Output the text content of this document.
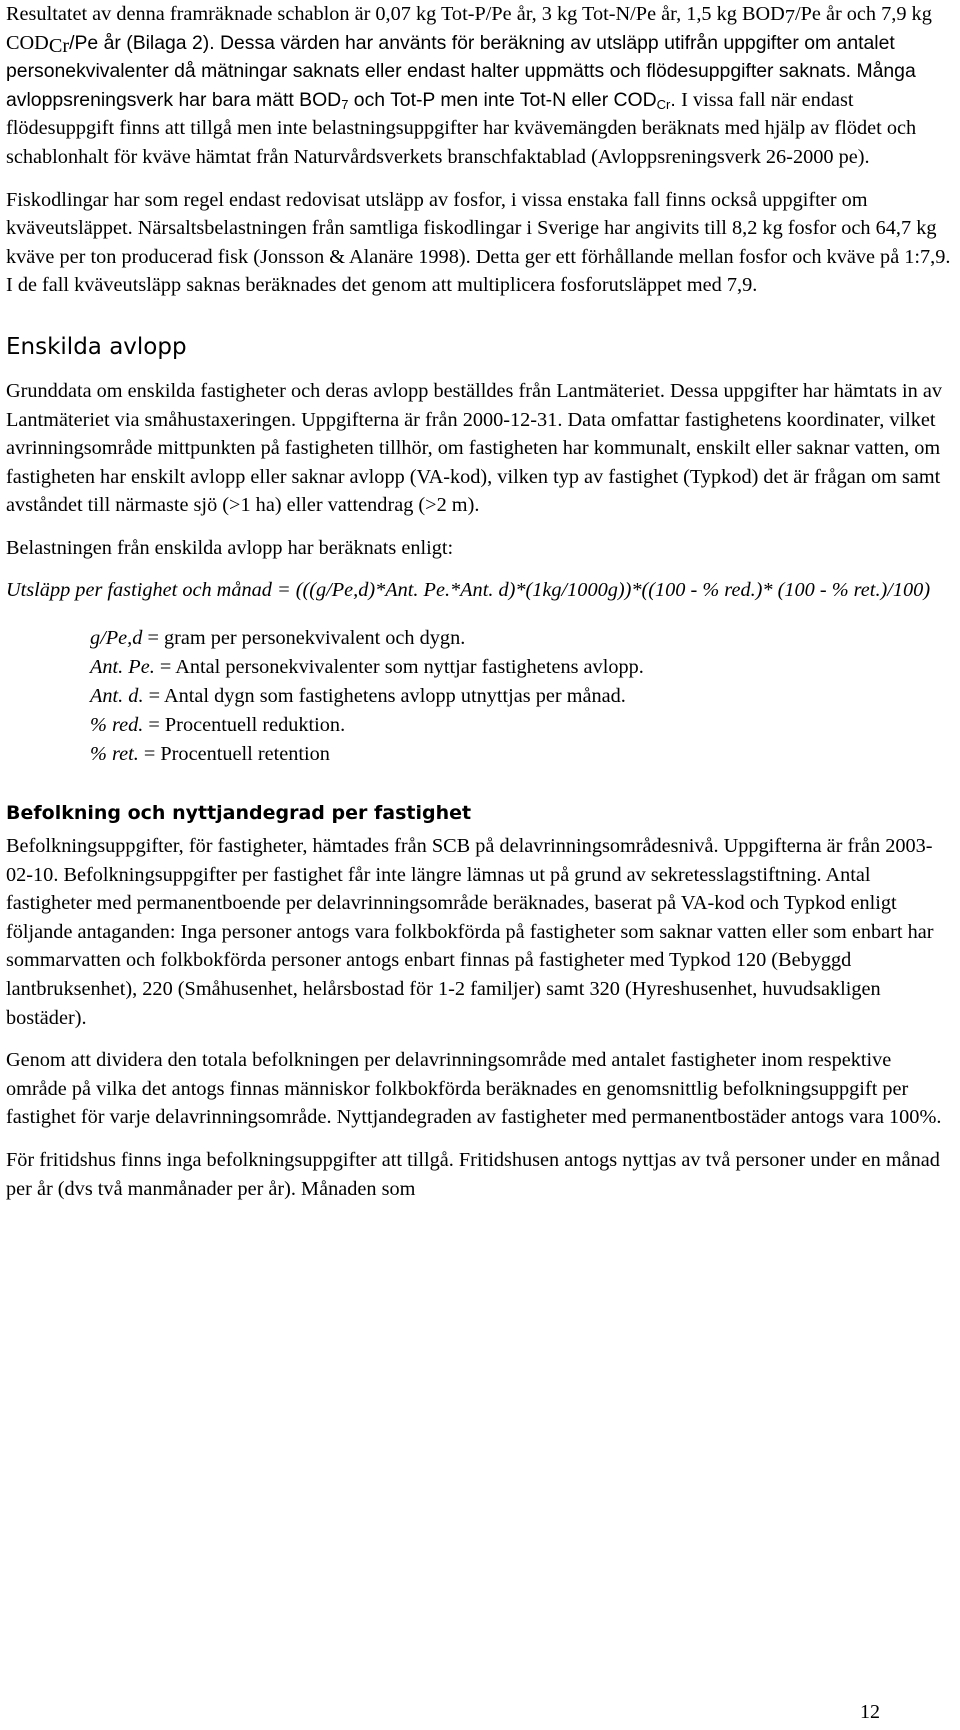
Resultatet av denna framräknade schablon är 0,07 kg Tot-P/Pe år, 3 kg Tot-N/Pe år, 1,5 kg $BOD_7/Pe$ år och 7,9 kg $COD_{Cr}/Pe$ år (Bilaga 2). Dessa värden har använts för beräkning av utsläpp utifrån uppgifter om antalet personekvivalenter då mätningar saknats eller endast halter uppmätts och flödesuppgifter saknats. Många avloppsreningsverk har bara mätt $BOD_7$ och Tot-P men inte Tot-N eller $COD_{Cr}$. I vissa fall när endast flödesuppgift finns att tillgå men inte belastningsuppgifter har kvävemängden beräknats med hjälp av flödet och schablonhalt för kväve hämtat från Naturvårdsverkets branschfaktablad (Avloppsreningsverk 26-2000 pe).

Fiskodlingar har som regel endast redovisat utsläpp av fosfor, i vissa enstaka fall finns också uppgifter om kväveutsläppet. Närsaltsbelastningen från samtliga fiskodlingar i Sverige har angivits till 8,2 kg fosfor och 64,7 kg kväve per ton producerad fisk (Jonsson & Alanäre 1998). Detta ger ett förhållande mellan fosfor och kväve på 1:7,9. I de fall kväveutsläpp saknas beräknades det genom att multiplicera fosforutsläppet med 7,9.

Enskilda avlopp

Grunddata om enskilda fastigheter och deras avlopp beställdes från Lantmäteriet. Dessa uppgifter har hämtats in av Lantmäteriet via småhustaxeringen. Uppgifterna är från 2000-12-31. Data omfattar fastighetens koordinater, vilket avrinningsområde mittpunkten på fastigheten tillhör, om fastigheten har kommunalt, enskilt eller saknar vatten, om fastigheten har enskilt avlopp eller saknar avlopp (VA-kod), vilken typ av fastighet (Typkod) det är frågan om samt avståndet till närmaste sjö (>1 ha) eller vattendrag (>2 m).

Belastningen från enskilda avlopp har beräknats enligt:

Utsläpp per fastighet och månad = (((g/Pe,d)*Ant. Pe.*Ant. d)*(1kg/1000g))*((100 - % red.)* (100 - % ret.)/100)

g/Pe,d = gram per personekvivalent och dygn.
Ant. Pe. = Antal personekvivalenter som nyttjar fastighetens avlopp.
Ant. d. = Antal dygn som fastighetens avlopp utnyttjas per månad.
% red. = Procentuell reduktion.
% ret. = Procentuell retention
Befolkning och nyttjandegrad per fastighet

Befolkningsuppgifter, för fastigheter, hämtades från SCB på delavrinningsområdesnivå. Uppgifterna är från 2003-02-10. Befolkningsuppgifter per fastighet får inte längre lämnas ut på grund av sekretesslagstiftning. Antal fastigheter med permanentboende per delavrinningsområde beräknades, baserat på VA-kod och Typkod enligt följande antaganden: Inga personer antogs vara folkbokförda på fastigheter som saknar vatten eller som enbart har sommarvatten och folkbokförda personer antogs enbart finnas på fastigheter med Typkod 120 (Bebyggd lantbruksenhet), 220 (Småhusenhet, helårsbostad för 1-2 familjer) samt 320 (Hyreshusenhet, huvudsakligen bostäder).

Genom att dividera den totala befolkningen per delavrinningsområde med antalet fastigheter inom respektive område på vilka det antogs finnas människor folkbokförda beräknades en genomsnittlig befolkningsuppgift per fastighet för varje delavrinningsområde. Nyttjandegraden av fastigheter med permanentbostäder antogs vara 100%.

För fritidshus finns inga befolkningsuppgifter att tillgå. Fritidshusen antogs nyttjas av två personer under en månad per år (dvs två manmånader per år). Månaden som

12
